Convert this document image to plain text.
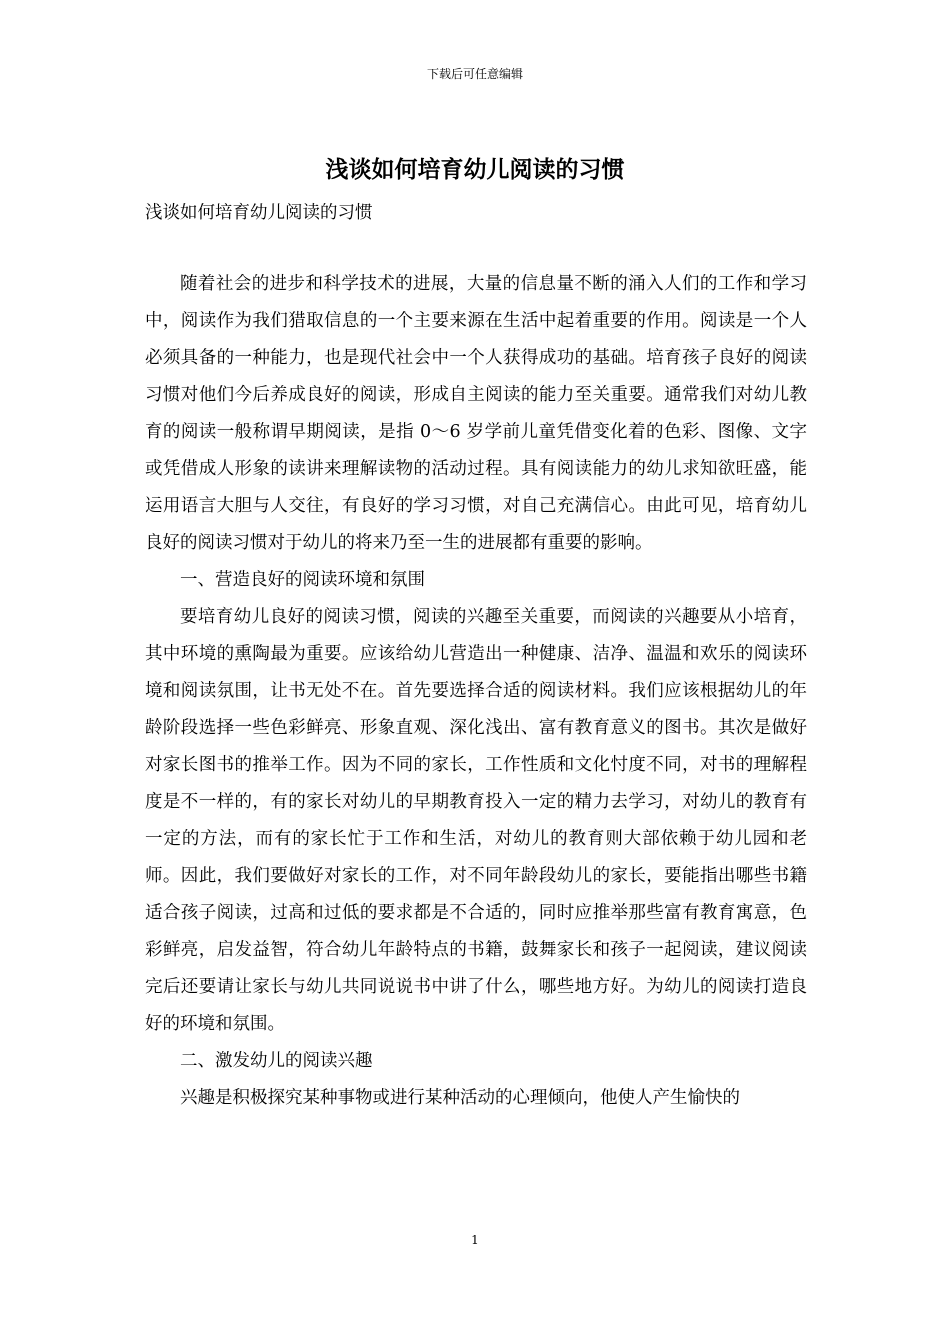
下载后可任意编辑
浅谈如何培育幼儿阅读的习惯
浅谈如何培育幼儿阅读的习惯

随着社会的进步和科学技术的进展，大量的信息量不断的涌入人们的工作和学习中，阅读作为我们猎取信息的一个主要来源在生活中起着重要的作用。阅读是一个人必须具备的一种能力，也是现代社会中一个人获得成功的基础。培育孩子良好的阅读习惯对他们今后养成良好的阅读，形成自主阅读的能力至关重要。通常我们对幼儿教育的阅读一般称谓早期阅读，是指 0～6 岁学前儿童凭借变化着的色彩、图像、文字或凭借成人形象的读讲来理解读物的活动过程。具有阅读能力的幼儿求知欲旺盛，能运用语言大胆与人交往，有良好的学习习惯，对自己充满信心。由此可见，培育幼儿良好的阅读习惯对于幼儿的将来乃至一生的进展都有重要的影响。

一、营造良好的阅读环境和氛围

要培育幼儿良好的阅读习惯，阅读的兴趣至关重要，而阅读的兴趣要从小培育，其中环境的熏陶最为重要。应该给幼儿营造出一种健康、洁净、温温和欢乐的阅读环境和阅读氛围，让书无处不在。首先要选择合适的阅读材料。我们应该根据幼儿的年龄阶段选择一些色彩鲜亮、形象直观、深化浅出、富有教育意义的图书。其次是做好对家长图书的推举工作。因为不同的家长，工作性质和文化忖度不同，对书的理解程度是不一样的，有的家长对幼儿的早期教育投入一定的精力去学习，对幼儿的教育有一定的方法，而有的家长忙于工作和生活，对幼儿的教育则大部依赖于幼儿园和老师。因此，我们要做好对家长的工作，对不同年龄段幼儿的家长，要能指出哪些书籍适合孩子阅读，过高和过低的要求都是不合适的，同时应推举那些富有教育寓意，色彩鲜亮，启发益智，符合幼儿年龄特点的书籍，鼓舞家长和孩子一起阅读，建议阅读完后还要请让家长与幼儿共同说说书中讲了什么，哪些地方好。为幼儿的阅读打造良好的环境和氛围。

二、激发幼儿的阅读兴趣

兴趣是积极探究某种事物或进行某种活动的心理倾向，他使人产生愉快的

1
